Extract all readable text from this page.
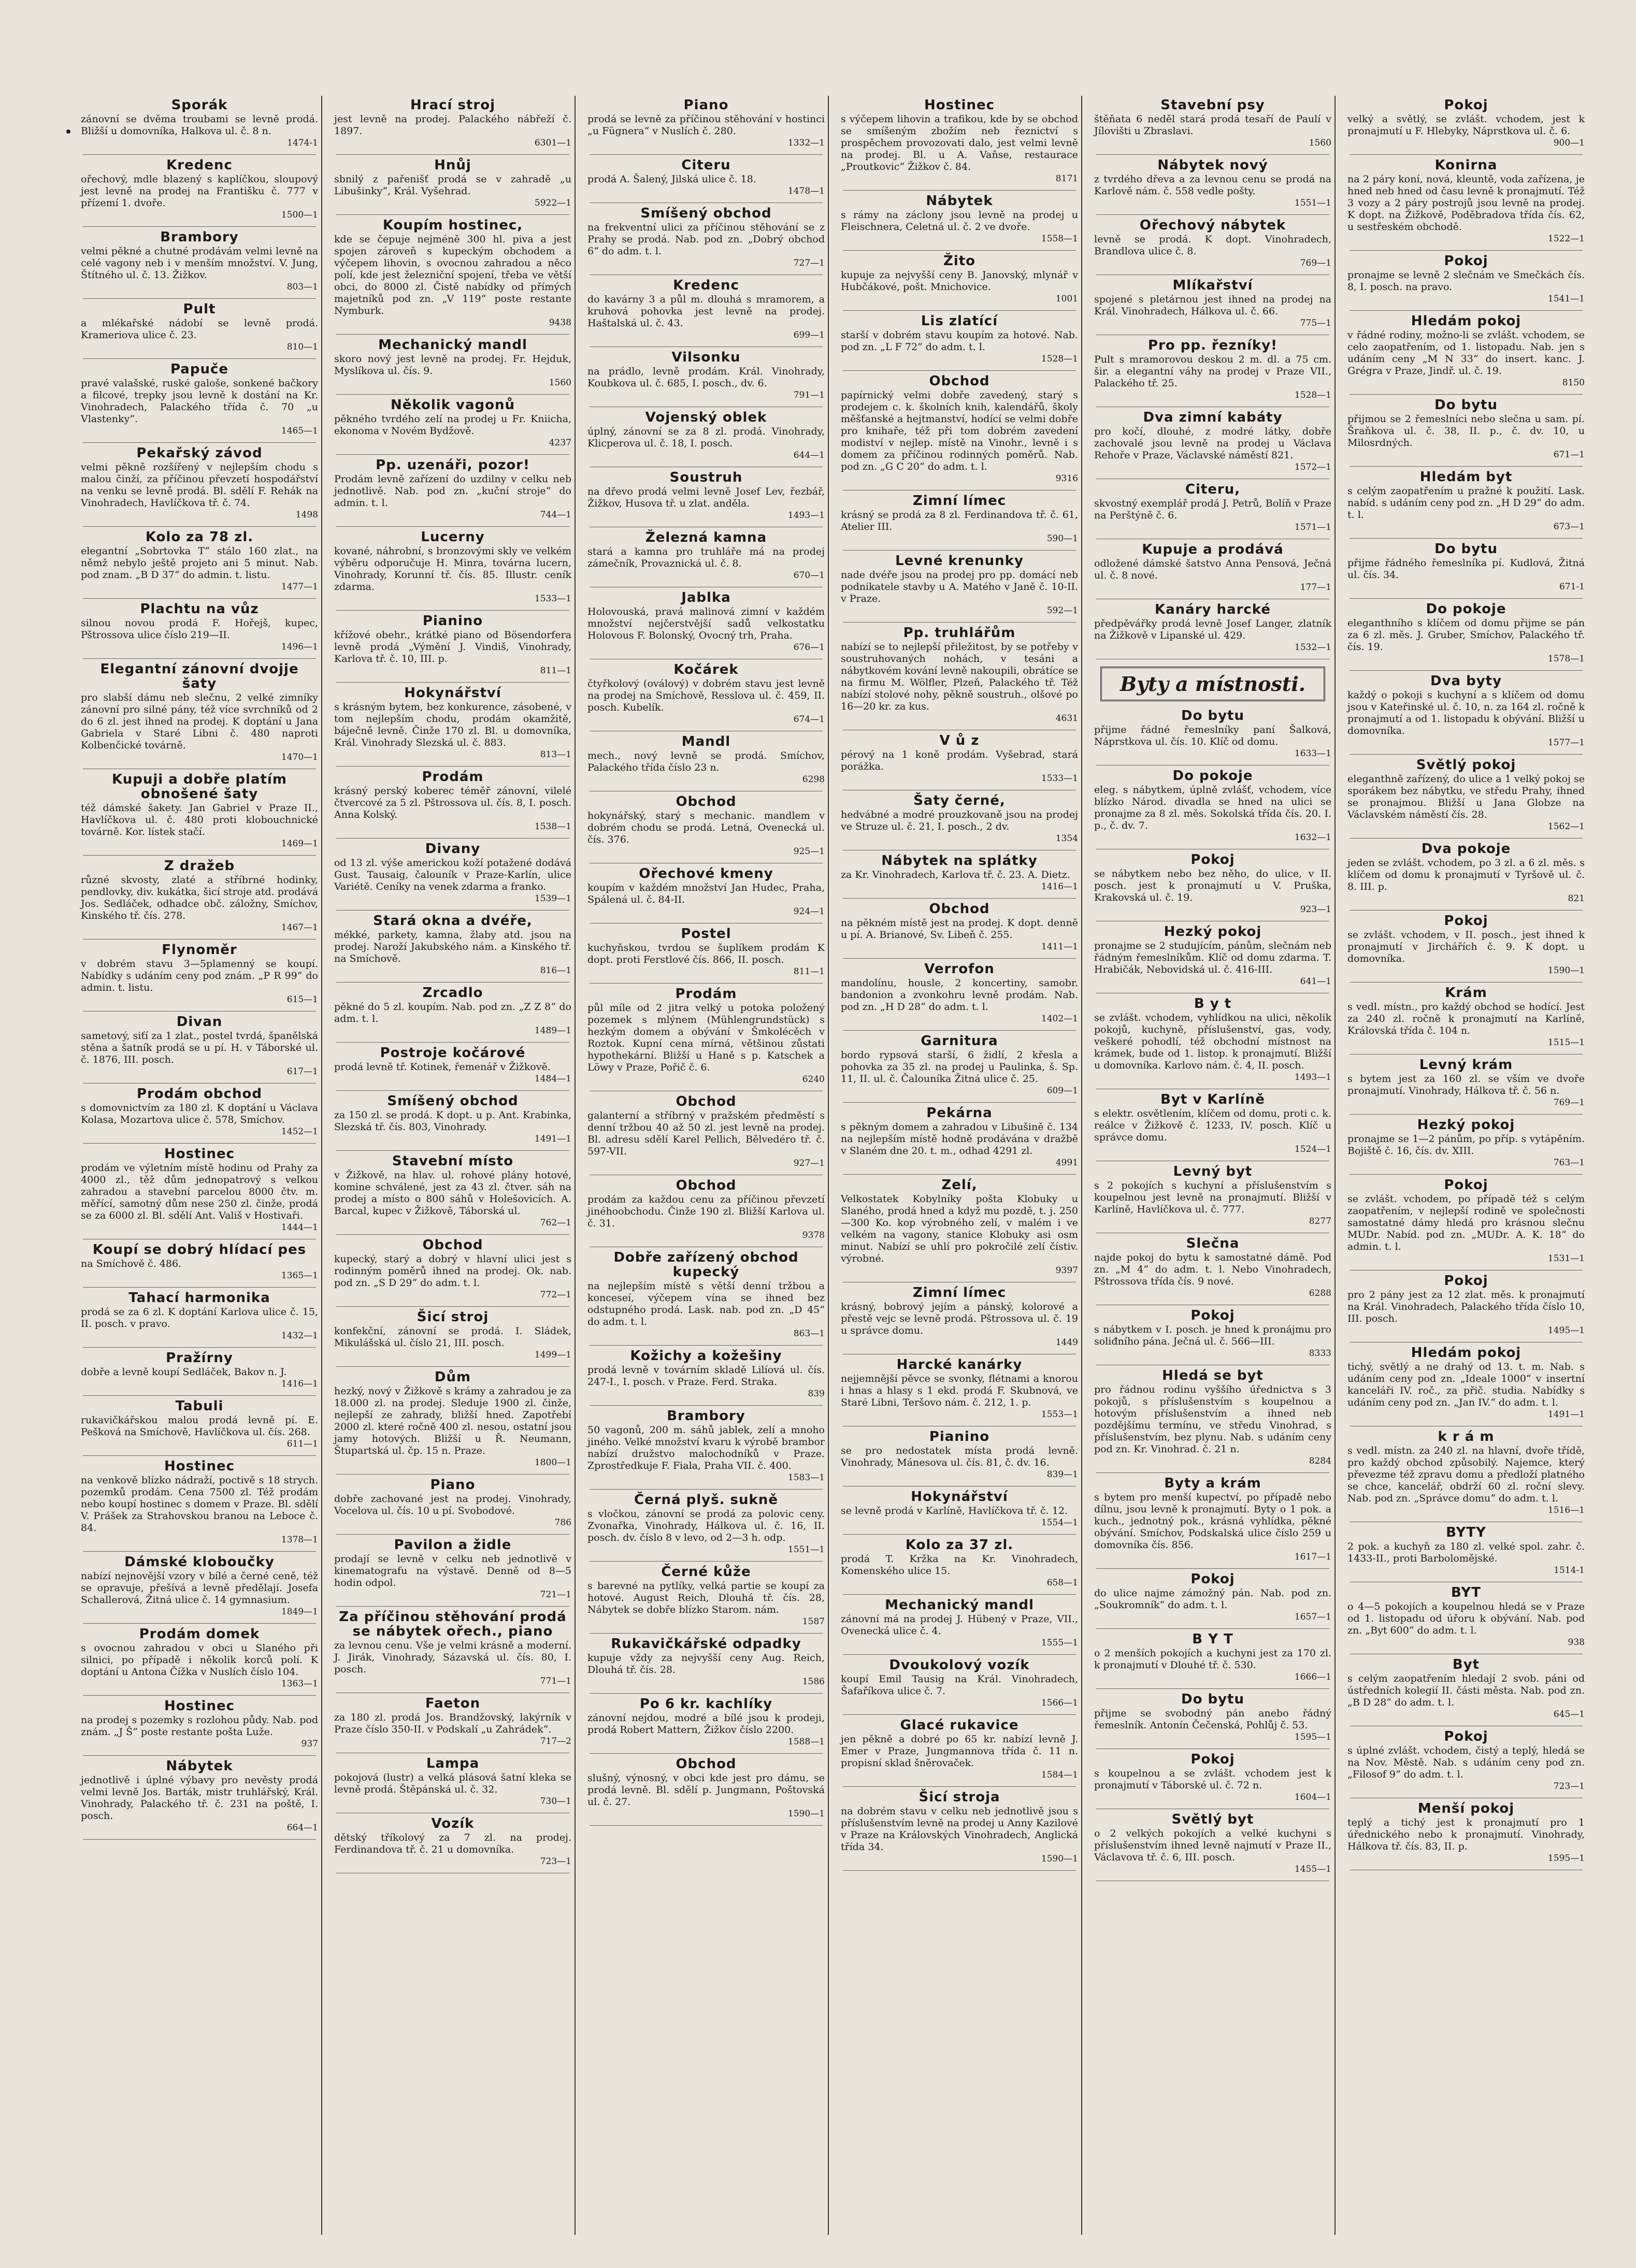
Sporák
zánovní se dvěma troubami se levně prodá. Bližší u domovníka, Halkova ul. č. 8 n.
1474-1
Kredenc
ořechový, mdle blazený s kaplíčkou, sloupový jest levně na prodej na Františku č. 777 v přízemí 1. dvoře.
1500—1
Brambory
velmi pěkné a chutné prodávám velmi levně na celé vagony neb i v menším množství. V. Jung, Štítného ul. č. 13. Žižkov.
803—1
Pult
a mlékařské nádobí se levně prodá. Krameriova ulice č. 23.
810—1
Papuče
pravé valašské, ruské galoše, sonkené bačkory a filcové, trepky jsou levně k dostání na Kr. Vinohradech, Palackého třída č. 70 „u Vlastenky“.
1465—1
Pekařský závod
velmi pěkně rozšířený v nejlepším chodu s malou činží, za příčinou převzetí hospodářství na venku se levně prodá. Bl. sdělí F. Rehák na Vinohradech, Havlíčkova tř. č. 74.
1498
Kolo za 78 zl.
elegantní „Sobrtovka T“ stálo 160 zlat., na němž nebylo ještě projeto ani 5 minut. Nab. pod znam. „B D 37“ do admin. t. listu.
1477—1
Plachtu na vůz
silnou novou prodá F. Hořejš, kupec, Pštrossova ulice číslo 219—II.
1496—1
Elegantní zánovní dvojje šaty
pro slabší dámu neb slečnu, 2 velké zimníky zánovní pro silné pány, též více svrchníků od 2 do 6 zl. jest ihned na prodej. K doptání u Jana Gabriela v Staré Libni č. 480 naproti Kolbenčické továrně.
1470—1
Kupuji a dobře platím obnošené šaty
též dámské šakety. Jan Gabriel v Praze II., Havlíčkova ul. č. 480 proti klobouchnické továrně. Kor. lístek stačí.
1469—1
Z dražeb
různé skvosty, zlaté a stříbrné hodinky, pendlovky, div. kukátka, šicí stroje atd. prodává Jos. Sedláček, odhadce obč. záložny, Smíchov, Kinského tř. čís. 278.
1467—1
Flynoměr
v dobrém stavu 3—5plamenný se koupí. Nabídky s udáním ceny pod znám. „P R 99“ do admin. t. listu.
615—1
Divan
sametový, siťí za 1 zlat., postel tvrdá, španělská stěna a šatník prodá se u pí. H. v Táborské ul. č. 1876, III. posch.
617—1
Prodám obchod
s domovnictvím za 180 zl. K doptání u Václava Kolasa, Mozartova ulice č. 578, Smíchov.
1452—1
Hostinec
prodám ve výletním místě hodinu od Prahy za 4000 zl., těž dům jednopatrový s velkou zahradou a stavební parcelou 8000 čtv. m. měřící, samotný dům nese 250 zl. činže, prodá se za 6000 zl. Bl. sdělí Ant. Vališ v Hostivaři.
1444—1
Koupí se dobrý hlídací pes
na Smíchově č. 486.
1365—1
Tahací harmonika
prodá se za 6 zl. K doptání Karlova ulice č. 15, II. posch. v pravo.
1432—1
Pražírny
dobře a levně koupí Sedláček, Bakov n. J.
1416—1
Tabuli
rukavičkářskou malou prodá levně pí. E. Pešková na Smíchově, Havlíčkova ul. čís. 268.
611—1
Hostinec
na venkově blízko nádraží, poctivě s 18 strych. pozemků prodám. Cena 7500 zl. Též prodám nebo koupí hostinec s domem v Praze. Bl. sdělí V. Prášek za Strahovskou branou na Leboce č. 84.
1378—1
Dámské kloboučky
nabízí nejnovější vzory v bílé a černé ceně, též se opravuje, přešívá a levně předělají. Josefa Schallerová, Žitná ulice č. 14 gymnasium.
1849—1
Prodám domek
s ovocnou zahradou v obci u Slaného při silnici, po případě i několik korců polí. K doptání u Antona Čížka v Nuslích číslo 104.
1363—1
Hostinec
na prodej s pozemky s rozlohou půdy. Nab. pod znám. „J Š“ poste restante pošta Luže.
937
Nábytek
jednotlivě i úplné výbavy pro nevěsty prodá velmi levně Jos. Barták, mistr truhlářský, Král. Vinohrady, Palackého tř. č. 231 na poště, I. posch.
664—1
Hrací stroj
jest levně na prodej. Palackého nábřeží č. 1897.
6301—1
Hnůj
sbnilý z pařenišť prodá se v zahradě „u Libušinky“, Král. Vyšehrad.
5922—1
Koupím hostinec,
kde se čepuje nejméně 300 hl. piva a jest spojen zároveň s kupeckým obchodem a výčepem lihovin, s ovocnou zahradou a něco polí, kde jest železniční spojení, třeba ve větší obci, do 8000 zl. Čistě nabídky od přímých majetníků pod zn. „V 119“ poste restante Nymburk.
9438
Mechanický mandl
skoro nový jest levně na prodej. Fr. Hejduk, Myslíkova ul. čís. 9.
1560
Několik vagonů
pěkného tvrdého zelí na prodej u Fr. Kniicha, ekonoma v Novém Bydžově.
4237
Pp. uzenáři, pozor!
Prodám levně zařízení do uzdilny v celku neb jednotlivě. Nab. pod zn. „kuční stroje“ do admin. t. l.
744—1
Lucerny
kované, náhrobní, s bronzovými skly ve velkém výběru odporučuje H. Minra, továrna lucern, Vinohrady, Korunní tř. čís. 85. Illustr. ceník zdarma.
1533—1
Pianino
křížové obehr., krátké piano od Bösendorfera levně prodá „Výmění J. Vindiš, Vinohrady, Karlova tř. č. 10, III. p.
811—1
Hokynářství
s krásným bytem, bez konkurence, zásobené, v tom nejlepším chodu, prodám okamžitě, báječně levně. Činže 170 zl. Bl. u domovníka, Král. Vinohrady Slezská ul. č. 883.
813—1
Prodám
krásný perský koberec téměř zánovní, vilelé čtvercové za 5 zl. Pštrossova ul. čís. 8, I. posch. Anna Kolský.
1538—1
Divany
od 13 zl. výše americkou koží potažené dodává Gust. Tausaig, čalouník v Praze-Karlín, ulice Variétě. Ceníky na venek zdarma a franko.
1539—1
Stará okna a dvéře,
mékké, parkety, kamna, žlaby atd. jsou na prodej. Naroží Jakubského nám. a Kinského tř. na Smíchově.
816—1
Zrcadlo
pěkné do 5 zl. koupím. Nab. pod zn. „Z Z 8“ do adm. t. l.
1489—1
Postroje kočárové
prodá levně tř. Kotinek, řemenář v Žižkově.
1484—1
Smíšený obchod
za 150 zl. se prodá. K dopt. u p. Ant. Krabinka, Slezská tř. čís. 803, Vinohrady.
1491—1
Stavební místo
v Žižkově, na hlav. ul. rohové plány hotové, komine schválené, jest za 43 zl. čtver. sáh na prodej a místo o 800 sáhů v Holešovicích. A. Barcal, kupec v Žižkově, Táborská ul.
762—1
Obchod
kupecký, starý a dobrý v hlavní ulici jest s rodinným poměrů ihned na prodej. Ok. nab. pod zn. „S D 29“ do adm. t. l.
772—1
Šicí stroj
konfekční, zánovní se prodá. I. Sládek, Mikulášská ul. číslo 21, III. posch.
1499—1
Dům
hezký, nový v Žižkově s krámy a zahradou je za 18.000 zl. na prodej. Sleduje 1900 zl. činže, nejlepší ze zahrady, bližší hned. Zapotřebí 2000 zl. které ročně 400 zl. nesou, ostatní jsou jamy hotových. Bližší u Ř. Neumann, Štupartská ul. čp. 15 n. Praze.
1800—1
Piano
dobře zachované jest na prodej. Vinohrady, Vocelova ul. čís. 10 u pí. Svobodové.
786
Pavilon a židle
prodají se levně v celku neb jednotlivě v kinematografu na výstavě. Denně od 8—5 hodin odpol.
721—1
Za příčinou stěhování prodá se nábytek ořech., piano
za levnou cenu. Vše je velmi krásně a moderní. J. Jirák, Vinohrady, Sázavská ul. čís. 80, I. posch.
771—1
Faeton
za 180 zl. prodá Jos. Brandžovský, lakýrník v Praze číslo 350-II. v Podskalí „u Zahrádek“.
717—2
Lampa
pokojová (lustr) a velká plásová šatní kleka se levně prodá. Štěpánská ul. č. 32.
730—1
Vozík
dětský tříkolový za 7 zl. na prodej. Ferdinandova tř. č. 21 u domovníka.
723—1
Piano
prodá se levně za příčinou stěhování v hostinci „u Fügnera“ v Nuslích č. 280.
1332—1
Citeru
prodá A. Šalený, Jilská ulice č. 18.
1478—1
Smíšený obchod
na frekventní ulici za příčinou stěhování se z Prahy se prodá. Nab. pod zn. „Dobrý obchod 6“ do adm. t. l.
727—1
Kredenc
do kavárny 3 a půl m. dlouhá s mramorem, a kruhová pohovka jest levně na prodej. Haštalská ul. č. 43.
699—1
Vilsonku
na prádlo, levně prodám. Král. Vinohrady, Koubkova ul. č. 685, I. posch., dv. 6.
791—1
Vojenský oblek
úplný, zánovní se za 8 zl. prodá. Vinohrady, Klicperova ul. č. 18, I. posch.
644—1
Soustruh
na dřevo prodá velmi levně Josef Lev, řezbář, Žižkov, Husova tř. u zlat. anděla.
1493—1
Železná kamna
stará a kamna pro truhláře má na prodej zámečník, Provaznická ul. č. 8.
670—1
Jablka
Holovouská, pravá malinová zimní v každém množství nejčerstvější sadů velkostatku Holovous F. Bolonský, Ovocný trh, Praha.
676—1
Kočárek
čtyřkolový (oválový) v dobrém stavu jest levně na prodej na Smíchově, Resslova ul. č. 459, II. posch. Kubelík.
674—1
Mandl
mech., nový levně se prodá. Smíchov, Palackého třída číslo 23 n.
6298
Obchod
hokynářský, starý s mechanic. mandlem v dobrém chodu se prodá. Letná, Ovenecká ul. čís. 376.
925—1
Ořechové kmeny
koupím v každém množství Jan Hudec, Praha, Spálená ul. č. 84-II.
924—1
Postel
kuchyňskou, tvrdou se šuplíkem prodám K dopt. proti Ferstlové čís. 866, II. posch.
811—1
Prodám
půl míle od 2 jitra velký u potoka položený pozemek s mlýnem (Mühlengrundstück) s hezkým domem a obývání v Šmkolécěch v Roztok. Kupní cena mírná, většinou zůstati hypothekární. Bližší u Haně s p. Katschek a Löwy v Praze, Pořič č. 6.
6240
Obchod
galanterní a stříbrný v pražském předměstí s denní tržbou 40 až 50 zl. jest levně na prodej. Bl. adresu sdělí Karel Pellich, Bělvedéro tř. č. 597-VII.
927—1
Obchod
prodám za každou cenu za příčinou převzetí jinéhoobchodu. Činže 190 zl. Bližší Karlova ul. č. 31.
9378
Dobře zařízený obchod kupecký
na nejlepším místě s větší denní tržbou a konceseí, výčepem vína se ihned bez odstupného prodá. Lask. nab. pod zn. „D 45“ do adm. t. l.
863—1
Kožichy a kožešiny
prodá levně v továrním skladě Lilíová ul. čís. 247-I., I. posch. v Praze. Ferd. Straka.
839
Brambory
50 vagonů, 200 m. sáhů jablek, zelí a mnoho jiného. Velké množství kvaru k výrobě brambor nabízí družstvo malochodníků v Praze. Zprostředkuje F. Fiala, Praha VII. č. 400.
1583—1
Černá plyš. sukně
s vločkou, zánovní se prodá za polovic ceny. Zvonařka, Vinohrady, Hálkova ul. č. 16, II. posch. dv. číslo 8 v levo, od 2—3 h. odp.
1551—1
Černé kůže
s barevné na pytlíky, velká partie se koupí za hotové. August Reich, Dlouhá tř. čís. 28, Nábytek se dobře blízko Starom. nám.
1587
Rukavičkářské odpadky
kupuje vždy za nejvyšší ceny Aug. Reich, Dlouhá tř. čís. 28.
1586
Po 6 kr. kachlíky
zánovní nejdou, modré a bílé jsou k prodeji, prodá Robert Mattern, Žižkov číslo 2200.
1588—1
Obchod
slušný, výnosný, v obci kde jest pro dámu, se prodá levně. Bl. sdělí p. Jungmann, Poštovská ul. č. 27.
1590—1
Hostinec
s výčepem lihovin a trafikou, kde by se obchod se smíšeným zbožím neb řeznictví s prospěchem provozovati dalo, jest velmi levně na prodej. Bl. u A. Vaňse, restaurace „Proutkovic“ Žižkov č. 84.
8171
Nábytek
s rámy na záclony jsou levně na prodej u Fleischnera, Celetná ul. č. 2 ve dvoře.
1558—1
Žito
kupuje za nejvyšší ceny B. Janovský, mlynář v Hubčákové, pošt. Mnichovice.
1001
Lis zlatící
starší v dobrém stavu koupím za hotové. Nab. pod zn. „L F 72“ do adm. t. l.
1528—1
Obchod
papírnický velmi dobře zavedený, starý s prodejem c. k. školních knih, kalendářů, školy měšťanské a hejtmanství, hodící se velmi dobře pro knihaře, též při tom dobrém zavedení modiství v nejlep. místě na Vinohr., levně i s domem za příčinou rodinných poměrů. Nab. pod zn. „G C 20“ do adm. t. l.
9316
Zimní límec
krásný se prodá za 8 zl. Ferdinandova tř. č. 61, Atelier III.
590—1
Levné krenunky
nade dvéře jsou na prodej pro pp. domácí neb podnikatele stavby u A. Matého v Janě č. 10-II. v Praze.
592—1
Pp. truhlářům
nabízí se to nejlepší přiležitost, by se potřeby v soustruhovaných nohách, v tesáni a nábytkovém kování levně nakoupili, obrátíce se na firmu M. Wölfler, Plzeň, Palackého tř. Též nabízí stolové nohy, pěkně soustruh., olšové po 16—20 kr. za kus.
4631
V ů z
pérový na 1 koně prodám. Vyšebrad, stará porážka.
1533—1
Šaty černé,
hedvábné a modré prouzkovaně jsou na prodej ve Struze ul. č. 21, I. posch., 2 dv.
1354
Nábytek na splátky
za Kr. Vinohradech, Karlova tř. č. 23. A. Dietz.
1416—1
Obchod
na pěkném místě jest na prodej. K dopt. denně u pí. A. Brianové, Sv. Libeň č. 255.
1411—1
Verrofon
mandolínu, housle, 2 koncertiny, samobr. bandonion a zvonkohru levně prodám. Nab. pod zn. „H D 28“ do adm. t. l.
1402—1
Garnitura
bordo rypsová starší, 6 židlí, 2 křesla a pohovka za 35 zl. na prodej u Paulinka, š. Sp. 11, II. ul. č. Čalouníka Žitná ulice č. 25.
609—1
Pekárna
s pěkným domem a zahradou v Libušině č. 134 na nejlepším místě hodně prodávána v dražbě v Slaném dne 20. t. m., odhad 4291 zl.
4991
Zelí,
Velkostatek Kobylníky pošta Klobuky u Slaného, prodá hned a když mu pozdě, t. j. 250—300 Ko. kop výrobného zelí, v malém i ve velkém na vagony, stanice Klobuky asi osm minut. Nabízí se uhlí pro pokročilé zelí čístiv. výrobné.
9397
Zimní límec
krásný, bobrový jejím a pánský, kolorové a přestě vejc se levně prodá. Pštrossova ul. č. 19 u správce domu.
1449
Harcké kanárky
nejjemnější pěvce se svonky, flétnami a knorou i hnas a hlasy s 1 ekd. prodá F. Skubnová, ve Staré Libni, Teršovo nám. č. 212, 1. p.
1553—1
Pianino
se pro nedostatek místa prodá levně. Vinohrady, Mánesova ul. čís. 81, č. dv. 16.
839—1
Hokynářství
se levně prodá v Karlíně, Havlíčkova tř. č. 12.
1554—1
Kolo za 37 zl.
prodá T. Kržka na Kr. Vinohradech, Komenského ulice 15.
658—1
Mechanický mandl
zánovní má na prodej J. Hübený v Praze, VII., Ovenecká ulice č. 4.
1555—1
Dvoukolový vozík
koupí Emil Tausig na Král. Vinohradech, Šafaříkova ulice č. 7.
1566—1
Glacé rukavice
jen pěkně a dobré po 65 kr. nabízí levně J. Emer v Praze, Jungmannova třída č. 11 n. propisní sklad šněrovaček.
1584—1
Šicí stroja
na dobrém stavu v celku neb jednotlivě jsou s příslušenstvím levně na prodej u Anny Kazilové v Praze na Královských Vinohradech, Anglická třída 34.
1590—1
Stavební psy
štěňata 6 neděl stará prodá tesaří de Paulí v Jílovišti u Zbraslavi.
1560
Nábytek nový
z tvrdého dřeva a za levnou cenu se prodá na Karlově nám. č. 558 vedle pošty.
1551—1
Ořechový nábytek
levně se prodá. K dopt. Vinohradech, Brandlova ulice č. 8.
769—1
Mlíkařství
spojené s pletárnou jest ihned na prodej na Král. Vinohradech, Hálkova ul. č. 66.
775—1
Pro pp. řezníky!
Pult s mramorovou deskou 2 m. dl. a 75 cm. šir. a elegantní váhy na prodej v Praze VII., Palackého tř. 25.
1528—1
Dva zimní kabáty
pro kočí, dlouhé, z modré látky, dobře zachovalé jsou levně na prodej u Václava Rehoře v Praze, Václavské náměstí 821.
1572—1
Citeru,
skvostný exemplář prodá J. Petrů, Bolíň v Praze na Perštýně č. 6.
1571—1
Kupuje a prodává
odložené dámské šatstvo Anna Pensová, Ječná ul. č. 8 nové.
177—1
Kanáry harcké
předpěvářky prodá levně Josef Langer, zlatník na Žižkově v Lipanské ul. 429.
1532—1
Byty a místnosti.
Do bytu
přijme řádné řemeslníky paní Šalková, Náprstkova ul. čís. 10. Klíč od domu.
1633—1
Do pokoje
eleg. s nábytkem, úplně zvlášť, vchodem, více blízko Národ. divadla se hned na ulici se pronajme za 8 zl. měs. Sokolská třída čís. 20. I. p., č. dv. 7.
1632—1
Pokoj
se nábytkem nebo bez něho, do ulice, v II. posch. jest k pronajmutí u V. Pruška, Krakovská ul. č. 19.
923—1
Hezký pokoj
pronajme se 2 studujícím, pánům, slečnám neb řádným řemeslníkům. Klíč od domu zdarma. T. Hrabičák, Nebovidská ul. č. 416-III.
641—1
B y t
se zvlášt. vchodem, vyhlídkou na ulici, několik pokojů, kuchyně, příslušenství, gas, vody, veškeré pohodlí, též obchodní místnost na krámek, bude od 1. listop. k pronajmutí. Bližší u domovníka. Karlovo nám. č. 4, II. posch.
1493—1
Byt v Karlíně
s elektr. osvětlením, klíčem od domu, proti c. k. reálce v Žižkově č. 1233, IV. posch. Klíč u správce domu.
1524—1
Levný byt
s 2 pokojích s kuchyní a příslušenstvím s koupelnou jest levně na pronajmutí. Bližší v Karlíně, Havlíčkova ul. č. 777.
8277
Slečna
najde pokoj do bytu k samostatné dámě. Pod zn. „M 4“ do adm. t. l. Nebo Vinohradech, Pštrossova třída čís. 9 nové.
6288
Pokoj
s nábytkem v I. posch. je hned k pronájmu pro soliđního pána. Ječná ul. č. 566—III.
8333
Hledá se byt
pro řádnou rodinu vyššího úřednictva s 3 pokojů, s příslušenstvím s koupelnou a hotovým příslušenstvím a ihned neb pozdějšímu termínu, ve středu Vinohrad, s příslušenstvím, bez plynu. Nab. s udáním ceny pod zn. Kr. Vinohrad. č. 21 n.
8284
Byty a krám
s bytem pro menší kupectví, po případě nebo dílnu, jsou levně k pronajmutí. Byty o 1 pok. a kuch., jednotný pok., krásná vyhlídka, pěkné obývání. Smíchov, Podskalská ulice číslo 259 u domovníka čís. 856.
1617—1
Pokoj
do ulice najme zámožný pán. Nab. pod zn. „Soukromník“ do adm. t. l.
1657—1
B Y T
o 2 menších pokojích a kuchyni jest za 170 zl. k pronajmutí v Dlouhé tř. č. 530.
1666—1
Do bytu
přijme se svobodný pán anebo řádný řemeslník. Antonín Čečenská, Pohlůj č. 53.
1595—1
Pokoj
s koupelnou a se zvlášt. vchodem jest k pronajmutí v Táborské ul. č. 72 n.
1604—1
Světlý byt
o 2 velkých pokojích a velké kuchyni s příslušenstvím ihned levně najmutí v Praze II., Václavova tř. č. 6, III. posch.
1455—1
Pokoj
velký a světlý, se zvlášt. vchodem, jest k pronajmutí u F. Hlebyky, Náprstkova ul. č. 6.
900—1
Konirna
na 2 páry koní, nová, kleuntě, voda zařízena, je hned neb hned od času levně k pronajmutí. Též 3 vozy a 2 páry postrojů jsou levně na prodej. K dopt. na Žižkově, Poděbradova třída čís. 62, u sestřeském obchodě.
1522—1
Pokoj
pronajme se levně 2 slečnám ve Smečkách čís. 8, I. posch. na pravo.
1541—1
Hledám pokoj
v řádné rodiny, možno-li se zvlášt. vchodem, se celo zaopatřením, od 1. listopadu. Nab. jen s udáním ceny „M N 33“ do insert. kanc. J. Grégra v Praze, Jindř. ul. č. 19.
8150
Do bytu
přijmou se 2 řemeslníci nebo slečna u sam. pí. Šraňkova ul. č. 38, II. p., č. dv. 10, u Milosrdných.
671—1
Hledám byt
s celým zaopatřením u pražné k použití. Lask. nabíd. s udáním ceny pod zn. „H D 29“ do adm. t. l.
673—1
Do bytu
přijme řádného řemeslníka pí. Kudlová, Žitná ul. čís. 34.
671-1
Do pokoje
eleganthního s klíčem od domu přijme se pán za 6 zl. měs. J. Gruber, Smíchov, Palackého tř. čís. 19.
1578—1
Dva byty
každý o pokoji s kuchyní a s klíčem od domu jsou v Kateřinské ul. č. 10, n. za 164 zl. ročně k pronajmutí a od 1. listopadu k obývání. Bližší u domovníka.
1577—1
Světlý pokoj
eleganthně zařízený, do ulice a 1 velký pokoj se sporákem bez nábytku, ve středu Prahy, ihned se pronajmou. Bližší u Jana Globze na Václavském náměstí čís. 28.
1562—1
Dva pokoje
jeden se zvlášt. vchodem, po 3 zl. a 6 zl. měs. s klíčem od domu k pronajmutí v Tyršově ul. č. 8. III. p.
821
Pokoj
se zvlášt. vchodem, v II. posch., jest ihned k pronajmutí v Jirchářích č. 9. K dopt. u domovníka.
1590—1
Krám
s vedl. místn., pro každý obchod se hodící. Jest za 240 zl. ročně k pronajmutí na Karlíně, Královská třída č. 104 n.
1515—1
Levný krám
s bytem jest za 160 zl. se vším ve dvoře pronajmutí. Vinohrady, Hálkova tř. č. 56 n.
769—1
Hezký pokoj
pronajme se 1—2 pánům, po příp. s vytápěním. Bojiště č. 16, čís. dv. XIII.
763—1
Pokoj
se zvlášt. vchodem, po případě též s celým zaopatřením, v nejlepší rodině ve společnosti samostatné dámy hledá pro krásnou slečnu MUDr. Nabíd. pod zn. „MUDr. A. K. 18“ do admin. t. l.
1531—1
Pokoj
pro 2 pány jest za 12 zlat. měs. k pronajmutí na Král. Vinohradech, Palackého třída číslo 10, III. posch.
1495—1
Hledám pokoj
tichý, světlý a ne drahý od 13. t. m. Nab. s udáním ceny pod zn. „Ideale 1000“ v insertní kanceláři IV. roč., za přič. studia. Nabídky s udáním ceny pod zn. „Jan IV.“ do adm. t. l.
1491—1
k r á m
s vedl. místn. za 240 zl. na hlavní, dvoře třídě, pro každý obchod způsobilý. Najemce, který převezme též zpravu domu a předloží platného se chce, kancelář, obdrží 60 zl. roční slevy. Nab. pod zn. „Správce domu“ do adm. t. l.
1516—1
BYTY
2 pok. a kuchyň za 180 zl. velké spol. zahr. č. 1433-II., proti Barbolomějské.
1514-1
BYT
o 4—5 pokojích a koupelnou hledá se v Praze od 1. listopadu od úřoru k obývání. Nab. pod zn. „Byt 600“ do adm. t. l.
938
Byt
s celým zaopatřením hledají 2 svob. páni od ústředních kolegií II. části města. Nab. pod zn. „B D 28“ do adm. t. l.
645—1
Pokoj
s úplné zvlášt. vchodem, čistý a teplý, hledá se na Nov. Městě. Nab. s udáním ceny pod zn. „Filosof 9“ do adm. t. l.
723—1
Menší pokoj
teplý a tichý jest k pronajmutí pro 1 úřednického nebo k pronajmutí. Vinohrady, Hálkova tř. čís. 83, II. p.
1595—1
